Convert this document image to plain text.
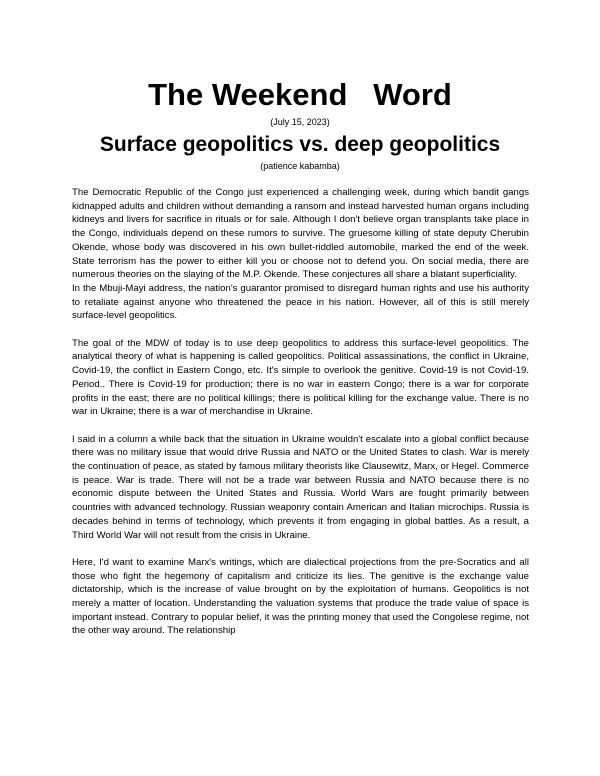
The Weekend   Word
(July 15, 2023)
Surface geopolitics vs. deep geopolitics
(patience kabamba)

The Democratic Republic of the Congo just experienced a challenging week, during which bandit gangs kidnapped adults and children without demanding a ransom and instead harvested human organs including kidneys and livers for sacrifice in rituals or for sale. Although I don't believe organ transplants take place in the Congo, individuals depend on these rumors to survive. The gruesome killing of state deputy Cherubin Okende, whose body was discovered in his own bullet-riddled automobile, marked the end of the week. State terrorism has the power to either kill you or choose not to defend you. On social media, there are numerous theories on the slaying of the M.P. Okende. These conjectures all share a blatant superficiality.

In the Mbuji-Mayi address, the nation's guarantor promised to disregard human rights and use his authority to retaliate against anyone who threatened the peace in his nation. However, all of this is still merely surface-level geopolitics.

The goal of the MDW of today is to use deep geopolitics to address this surface-level geopolitics. The analytical theory of what is happening is called geopolitics. Political assassinations, the conflict in Ukraine, Covid-19, the conflict in Eastern Congo, etc. It's simple to overlook the genitive. Covid-19 is not Covid-19. Period.. There is Covid-19 for production; there is no war in eastern Congo; there is a war for corporate profits in the east; there are no political killings; there is political killing for the exchange value. There is no war in Ukraine; there is a war of merchandise in Ukraine.

I said in a column a while back that the situation in Ukraine wouldn't escalate into a global conflict because there was no military issue that would drive Russia and NATO or the United States to clash. War is merely the continuation of peace, as stated by famous military theorists like Clausewitz, Marx, or Hegel. Commerce is peace. War is trade. There will not be a trade war between Russia and NATO because there is no economic dispute between the United States and Russia. World Wars are fought primarily between countries with advanced technology. Russian weaponry contain American and Italian microchips. Russia is decades behind in terms of technology, which prevents it from engaging in global battles. As a result, a Third World War will not result from the crisis in Ukraine.

Here, I'd want to examine Marx's writings, which are dialectical projections from the pre-Socratics and all those who fight the hegemony of capitalism and criticize its lies. The genitive is the exchange value dictatorship, which is the increase of value brought on by the exploitation of humans. Geopolitics is not merely a matter of location. Understanding the valuation systems that produce the trade value of space is important instead. Contrary to popular belief, it was the printing money that used the Congolese regime, not the other way around. The relationship
